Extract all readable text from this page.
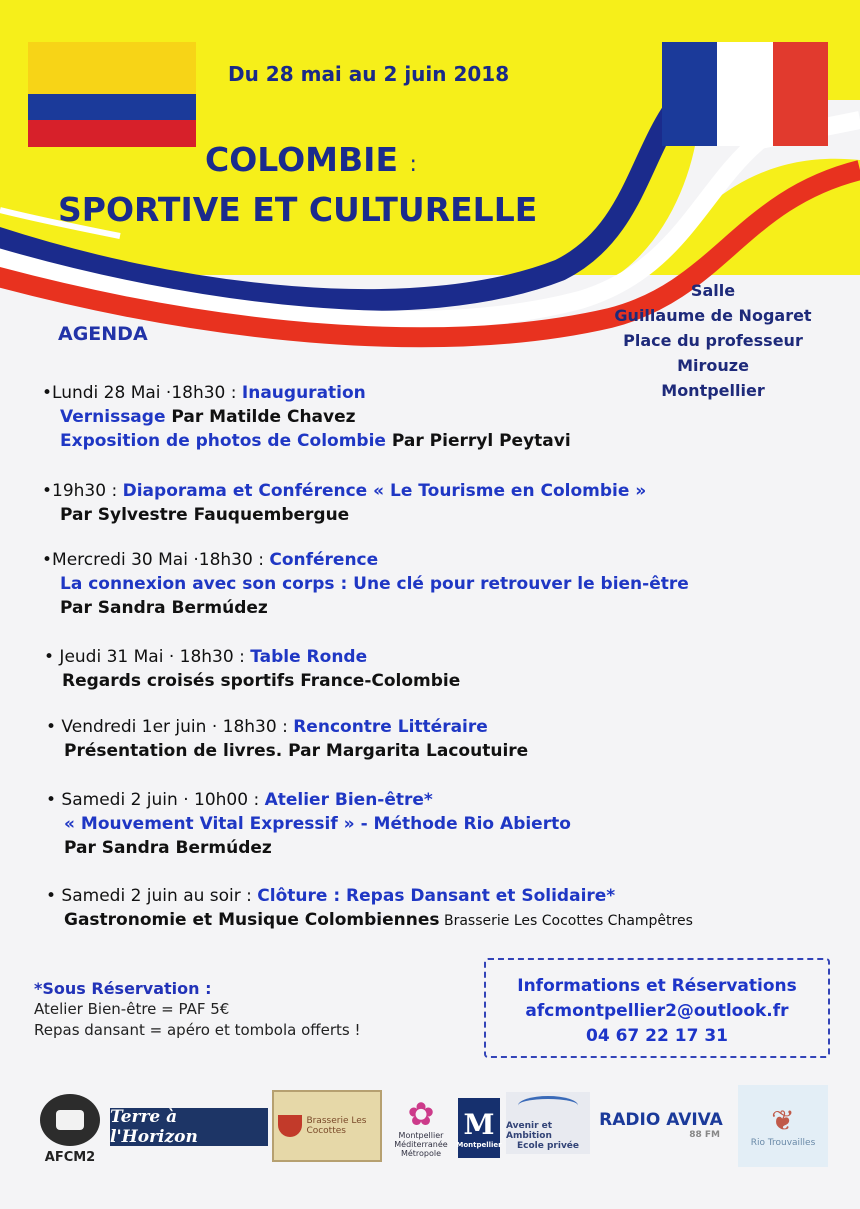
Du 28 mai au 2 juin 2018
COLOMBIE :
SPORTIVE ET CULTURELLE
Salle
Guillaume de Nogaret
Place du professeur
Mirouze
Montpellier
AGENDA
•Lundi 28 Mai ·18h30 : Inauguration
Vernissage Par Matilde Chavez
Exposition de photos de Colombie Par Pierryl Peytavi
•19h30 : Diaporama et Conférence « Le Tourisme en Colombie »
Par Sylvestre Fauquembergue
•Mercredi 30 Mai ·18h30 : Conférence
La connexion avec son corps : Une clé pour retrouver le bien-être
Par Sandra Bermúdez
• Jeudi 31 Mai · 18h30 : Table Ronde
Regards croisés sportifs France-Colombie
• Vendredi 1er juin · 18h30 : Rencontre Littéraire
Présentation de livres. Par Margarita Lacoutuire
• Samedi 2 juin · 10h00 : Atelier Bien-être*
« Mouvement Vital Expressif » - Méthode Rio Abierto
Par Sandra Bermúdez
• Samedi 2 juin au soir : Clôture : Repas Dansant et Solidaire*
Gastronomie et Musique Colombiennes Brasserie Les Cocottes Champêtres
*Sous Réservation :
Atelier Bien-être = PAF 5€
Repas dansant = apéro et tombola offerts !
Informations et Réservations
afcmontpellier2@outlook.fr
04 67 22 17 31
AFCM2
Terre à l'Horizon
Brasserie Les Cocottes	✿
Montpellier
Méditerranée
Métropole
M
Montpellier
Avenir et Ambition
Ecole privée
RADIO AVIVA
88 FM ❦
Rio Trouvailles
